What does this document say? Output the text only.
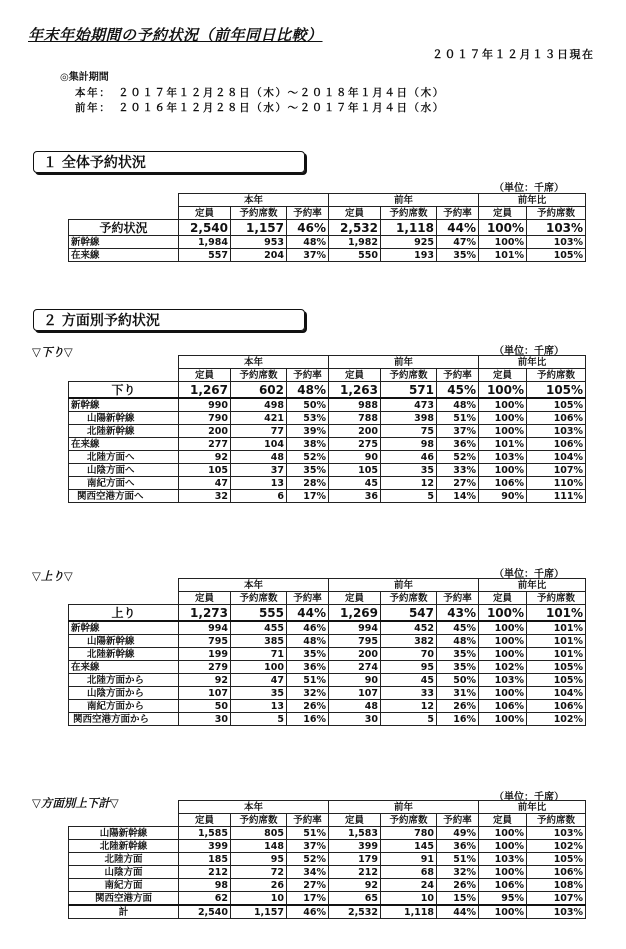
年末年始期間の予約状況（前年同日比較）
２０１７年１２月１３日現在
◎集計期間
本年：　２０１７年１２月２８日（木）～２０１８年１月４日（木）
前年：　２０１６年１２月２８日（水）～２０１７年１月４日（水）
１ 全体予約状況
（単位：千席）
	本年			前年			前年比	
	定員	予約席数	予約率	定員	予約席数	予約率	定員	予約席数
予約状況	2,540	1,157	46%	2,532	1,118	44%	100%	103%
新幹線	1,984	953	48%	1,982	925	47%	100%	103%
在来線	557	204	37%	550	193	35%	101%	105%
２ 方面別予約状況
▽下り▽	（単位：千席）
	本年			前年			前年比	
	定員	予約席数	予約率	定員	予約席数	予約率	定員	予約席数
下り	1,267	602	48%	1,263	571	45%	100%	105%
新幹線	990	498	50%	988	473	48%	100%	105%
山陽新幹線	790	421	53%	788	398	51%	100%	106%
北陸新幹線	200	77	39%	200	75	37%	100%	103%
在来線	277	104	38%	275	98	36%	101%	106%
北陸方面へ	92	48	52%	90	46	52%	103%	104%
山陰方面へ	105	37	35%	105	35	33%	100%	107%
南紀方面へ	47	13	28%	45	12	27%	106%	110%
関西空港方面へ	32	6	17%	36	5	14%	90%	111%
▽上り▽	（単位：千席）
	本年			前年			前年比	
	定員	予約席数	予約率	定員	予約席数	予約率	定員	予約席数
上り	1,273	555	44%	1,269	547	43%	100%	101%
新幹線	994	455	46%	994	452	45%	100%	101%
山陽新幹線	795	385	48%	795	382	48%	100%	101%
北陸新幹線	199	71	35%	200	70	35%	100%	101%
在来線	279	100	36%	274	95	35%	102%	105%
北陸方面から	92	47	51%	90	45	50%	103%	105%
山陰方面から	107	35	32%	107	33	31%	100%	104%
南紀方面から	50	13	26%	48	12	26%	106%	106%
関西空港方面から	30	5	16%	30	5	16%	100%	102%
▽方面別上下計▽	（単位：千席）
	本年			前年			前年比	
	定員	予約席数	予約率	定員	予約席数	予約率	定員	予約席数
山陽新幹線	1,585	805	51%	1,583	780	49%	100%	103%
北陸新幹線	399	148	37%	399	145	36%	100%	102%
北陸方面	185	95	52%	179	91	51%	103%	105%
山陰方面	212	72	34%	212	68	32%	100%	106%
南紀方面	98	26	27%	92	24	26%	106%	108%
関西空港方面	62	10	17%	65	10	15%	95%	107%
計	2,540	1,157	46%	2,532	1,118	44%	100%	103%
